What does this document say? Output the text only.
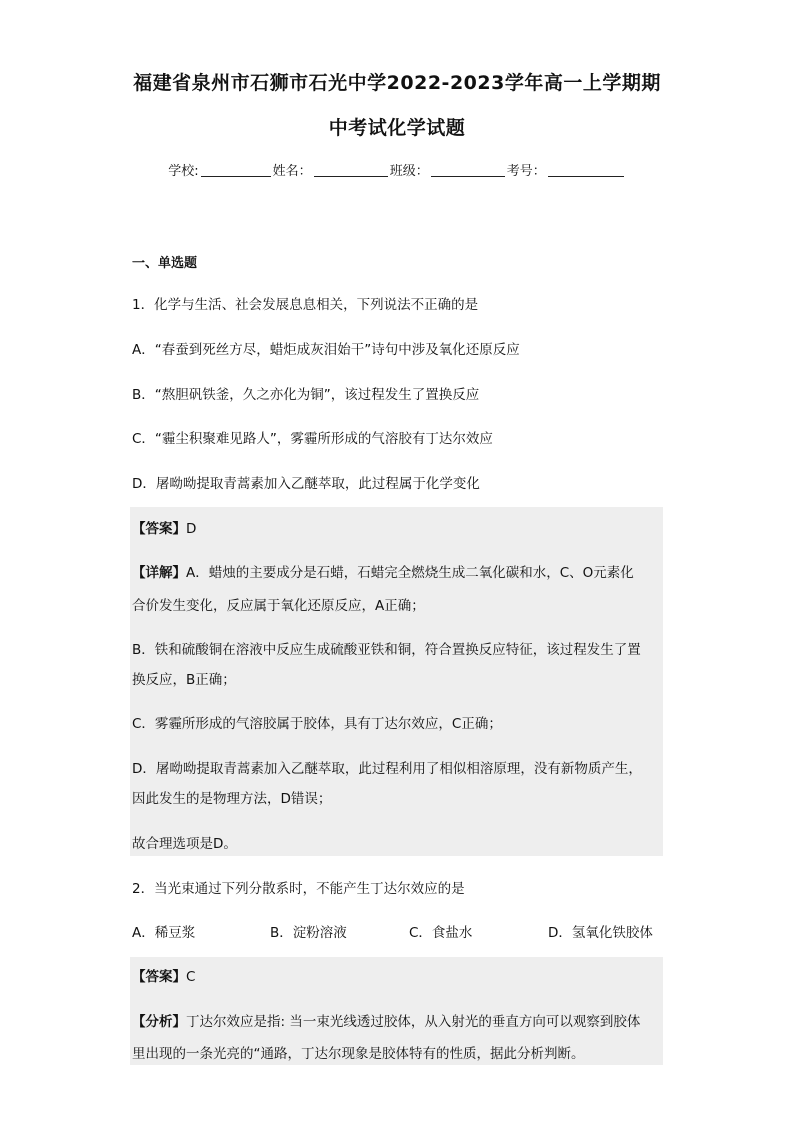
福建省泉州市石狮市石光中学2022-2023学年高一上学期期
中考试化学试题
学校:	姓名：	班级：	考号：
一、单选题
1．化学与生活、社会发展息息相关，下列说法不正确的是
A．“春蚕到死丝方尽，蜡炬成灰泪始干”诗句中涉及氧化还原反应
B．“熬胆矾铁釜，久之亦化为铜”，该过程发生了置换反应
C．“霾尘积聚难见路人”，雾霾所形成的气溶胶有丁达尔效应
D．屠呦呦提取青蒿素加入乙醚萃取，此过程属于化学变化
【答案】D
【详解】A．蜡烛的主要成分是石蜡，石蜡完全燃烧生成二氧化碳和水，C、O元素化
合价发生变化，反应属于氧化还原反应，A正确；
B．铁和硫酸铜在溶液中反应生成硫酸亚铁和铜，符合置换反应特征，该过程发生了置
换反应，B正确；
C．雾霾所形成的气溶胶属于胶体，具有丁达尔效应，C正确；
D．屠呦呦提取青蒿素加入乙醚萃取，此过程利用了相似相溶原理，没有新物质产生，
因此发生的是物理方法，D错误；
故合理选项是D。
2．当光束通过下列分散系时，不能产生丁达尔效应的是
A．稀豆浆	B．淀粉溶液	C．食盐水	D．氢氧化铁胶体
【答案】C
【分析】丁达尔效应是指: 当一束光线透过胶体，从入射光的垂直方向可以观察到胶体
里出现的一条光亮的“通路，丁达尔现象是胶体特有的性质，据此分析判断。
